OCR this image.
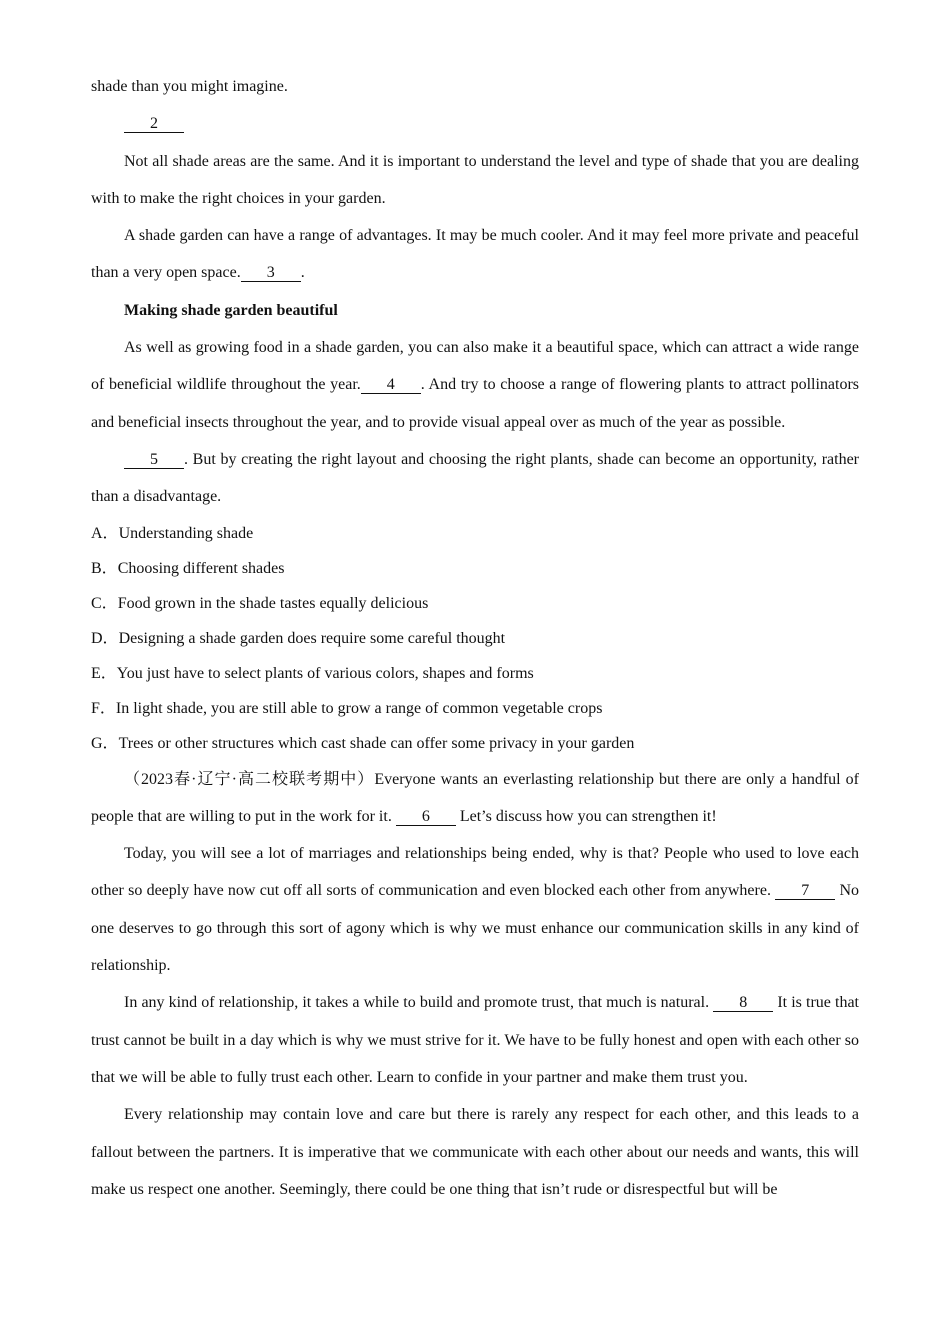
shade than you might imagine.

2

Not all shade areas are the same. And it is important to understand the level and type of shade that you are dealing with to make the right choices in your garden.

A shade garden can have a range of advantages. It may be much cooler. And it may feel more private and peaceful than a very open space. 3 .

Making shade garden beautiful

As well as growing food in a shade garden, you can also make it a beautiful space, which can attract a wide range of beneficial wildlife throughout the year. 4 . And try to choose a range of flowering plants to attract pollinators and beneficial insects throughout the year, and to provide visual appeal over as much of the year as possible.

5 . But by creating the right layout and choosing the right plants, shade can become an opportunity, rather than a disadvantage.

A．Understanding shade

B．Choosing different shades

C．Food grown in the shade tastes equally delicious

D．Designing a shade garden does require some careful thought

E．You just have to select plants of various colors, shapes and forms

F．In light shade, you are still able to grow a range of common vegetable crops

G．Trees or other structures which cast shade can offer some privacy in your garden

（2023春·辽宁·高二校联考期中）Everyone wants an everlasting relationship but there are only a handful of people that are willing to put in the work for it. 6 Let’s discuss how you can strengthen it!

Today, you will see a lot of marriages and relationships being ended, why is that? People who used to love each other so deeply have now cut off all sorts of communication and even blocked each other from anywhere. 7 No one deserves to go through this sort of agony which is why we must enhance our communication skills in any kind of relationship.

In any kind of relationship, it takes a while to build and promote trust, that much is natural. 8 It is true that trust cannot be built in a day which is why we must strive for it. We have to be fully honest and open with each other so that we will be able to fully trust each other. Learn to confide in your partner and make them trust you.

Every relationship may contain love and care but there is rarely any respect for each other, and this leads to a fallout between the partners. It is imperative that we communicate with each other about our needs and wants, this will make us respect one another. Seemingly, there could be one thing that isn’t rude or disrespectful but will be
